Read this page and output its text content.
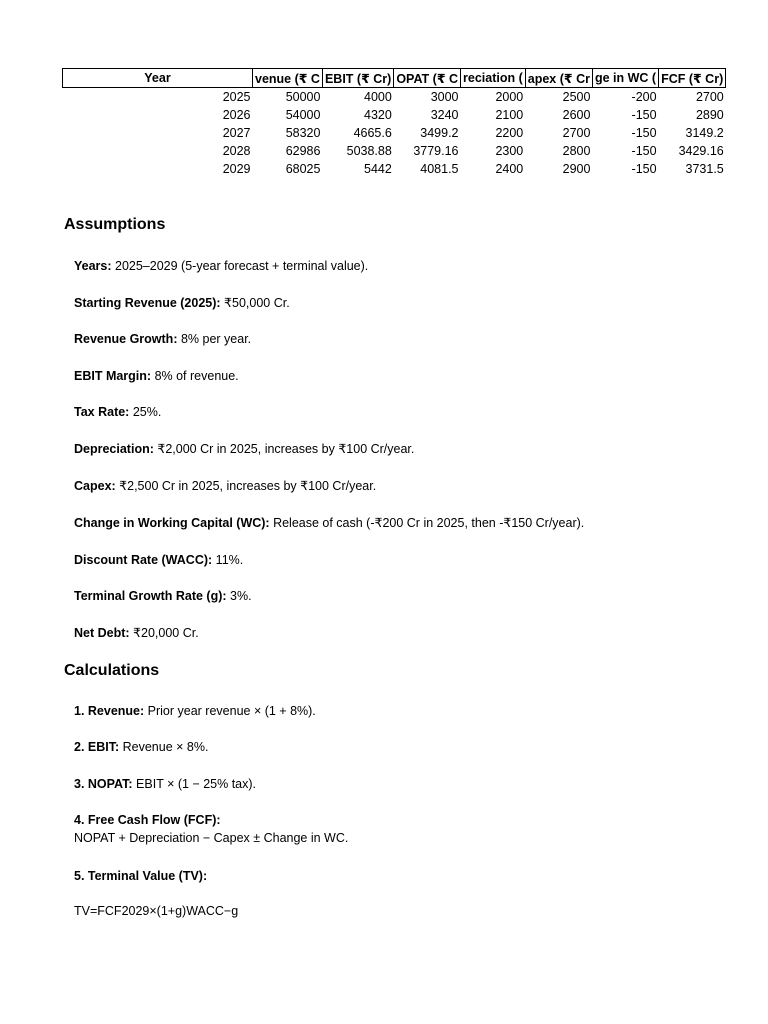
Year	venue (₹ C	EBIT (₹ Cr)	OPAT (₹ C	reciation (	apex (₹ Cr	ge in WC (	FCF (₹ Cr)
2025	50000	4000	3000	2000	2500	-200	2700
2026	54000	4320	3240	2100	2600	-150	2890
2027	58320	4665.6	3499.2	2200	2700	-150	3149.2
2028	62986	5038.88	3779.16	2300	2800	-150	3429.16
2029	68025	5442	4081.5	2400	2900	-150	3731.5
Assumptions

Years: 2025–2029 (5-year forecast + terminal value).

Starting Revenue (2025): ₹50,000 Cr.

Revenue Growth: 8% per year.

EBIT Margin: 8% of revenue.

Tax Rate: 25%.

Depreciation: ₹2,000 Cr in 2025, increases by ₹100 Cr/year.

Capex: ₹2,500 Cr in 2025, increases by ₹100 Cr/year.

Change in Working Capital (WC): Release of cash (-₹200 Cr in 2025, then -₹150 Cr/year).

Discount Rate (WACC): 11%.

Terminal Growth Rate (g): 3%.

Net Debt: ₹20,000 Cr.

Calculations

1. Revenue: Prior year revenue × (1 + 8%).

2. EBIT: Revenue × 8%.

3. NOPAT: EBIT × (1 − 25% tax).

4. Free Cash Flow (FCF):
NOPAT + Depreciation − Capex ± Change in WC.

5. Terminal Value (TV):

TV=FCF2029×(1+g)WACC−g
